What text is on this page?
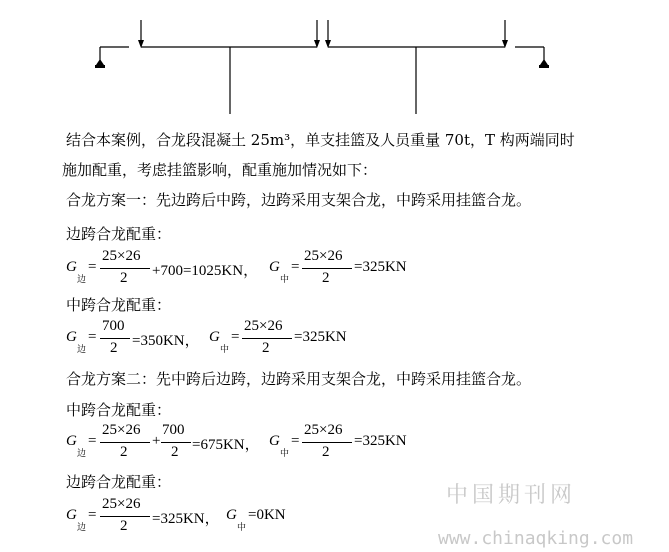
结合本案例，合龙段混凝土 25m³，单支挂篮及人员重量 70t，T 构两端同时
施加配重，考虑挂篮影响，配重施加情况如下：
合龙方案一：先边跨后中跨，边跨采用支架合龙，中跨采用挂篮合龙。
边跨合龙配重：
G
边
=
25×26
2 +700=1025KN， G
中
=
25×26
2
=325KN
中跨合龙配重：
G
边
=
700
2 =350KN， G
中
=
25×26
2
=325KN
合龙方案二：先中跨后边跨，边跨采用支架合龙，中跨采用挂篮合龙。
中跨合龙配重：
G
边
=
25×26
2
+
700
2 =675KN， G
中
=
25×26
2
=325KN
边跨合龙配重：
G
边
=
25×26
2 =325KN， G
中
=0KN
中国期刊网
www.chinaqking.com
